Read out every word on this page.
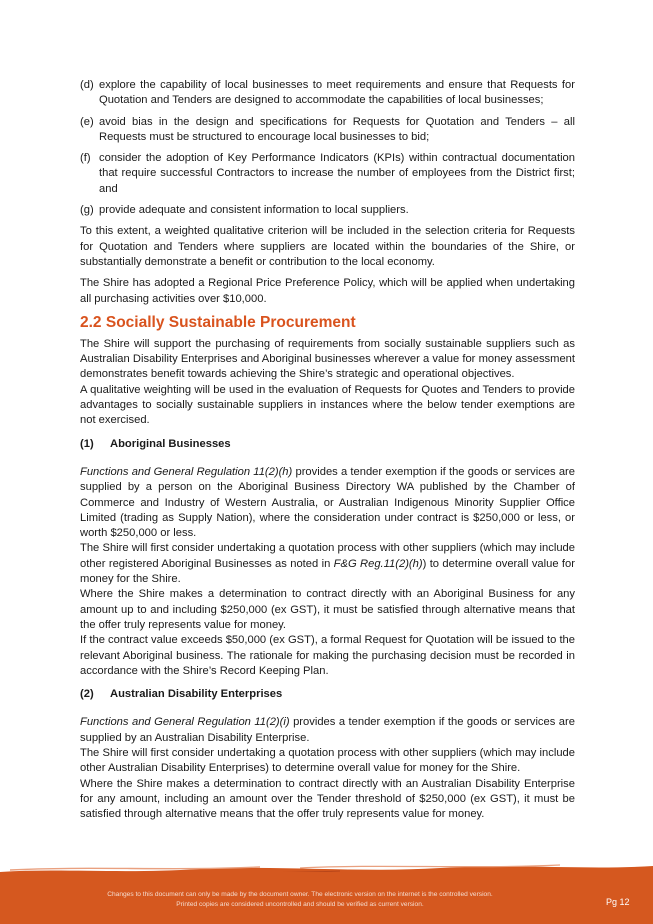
(d) explore the capability of local businesses to meet requirements and ensure that Requests for Quotation and Tenders are designed to accommodate the capabilities of local businesses;
(e) avoid bias in the design and specifications for Requests for Quotation and Tenders – all Requests must be structured to encourage local businesses to bid;
(f) consider the adoption of Key Performance Indicators (KPIs) within contractual documentation that require successful Contractors to increase the number of employees from the District first; and
(g) provide adequate and consistent information to local suppliers.

To this extent, a weighted qualitative criterion will be included in the selection criteria for Requests for Quotation and Tenders where suppliers are located within the boundaries of the Shire, or substantially demonstrate a benefit or contribution to the local economy.

The Shire has adopted a Regional Price Preference Policy, which will be applied when undertaking all purchasing activities over $10,000.

2.2 Socially Sustainable Procurement

The Shire will support the purchasing of requirements from socially sustainable suppliers such as Australian Disability Enterprises and Aboriginal businesses wherever a value for money assessment demonstrates benefit towards achieving the Shire’s strategic and operational objectives.

A qualitative weighting will be used in the evaluation of Requests for Quotes and Tenders to provide advantages to socially sustainable suppliers in instances where the below tender exemptions are not exercised.

(1) Aboriginal Businesses

Functions and General Regulation 11(2)(h) provides a tender exemption if the goods or services are supplied by a person on the Aboriginal Business Directory WA published by the Chamber of Commerce and Industry of Western Australia, or Australian Indigenous Minority Supplier Office Limited (trading as Supply Nation), where the consideration under contract is $250,000 or less, or worth $250,000 or less.

The Shire will first consider undertaking a quotation process with other suppliers (which may include other registered Aboriginal Businesses as noted in F&G Reg.11(2)(h)) to determine overall value for money for the Shire.

Where the Shire makes a determination to contract directly with an Aboriginal Business for any amount up to and including $250,000 (ex GST), it must be satisfied through alternative means that the offer truly represents value for money.

If the contract value exceeds $50,000 (ex GST), a formal Request for Quotation will be issued to the relevant Aboriginal business. The rationale for making the purchasing decision must be recorded in accordance with the Shire’s Record Keeping Plan.

(2) Australian Disability Enterprises

Functions and General Regulation 11(2)(i) provides a tender exemption if the goods or services are supplied by an Australian Disability Enterprise.

The Shire will first consider undertaking a quotation process with other suppliers (which may include other Australian Disability Enterprises) to determine overall value for money for the Shire.

Where the Shire makes a determination to contract directly with an Australian Disability Enterprise for any amount, including an amount over the Tender threshold of $250,000 (ex GST), it must be satisfied through alternative means that the offer truly represents value for money.

Changes to this document can only be made by the document owner. The electronic version on the internet is the controlled version.
Printed copies are considered uncontrolled and should be verified as current version.	Pg 12
